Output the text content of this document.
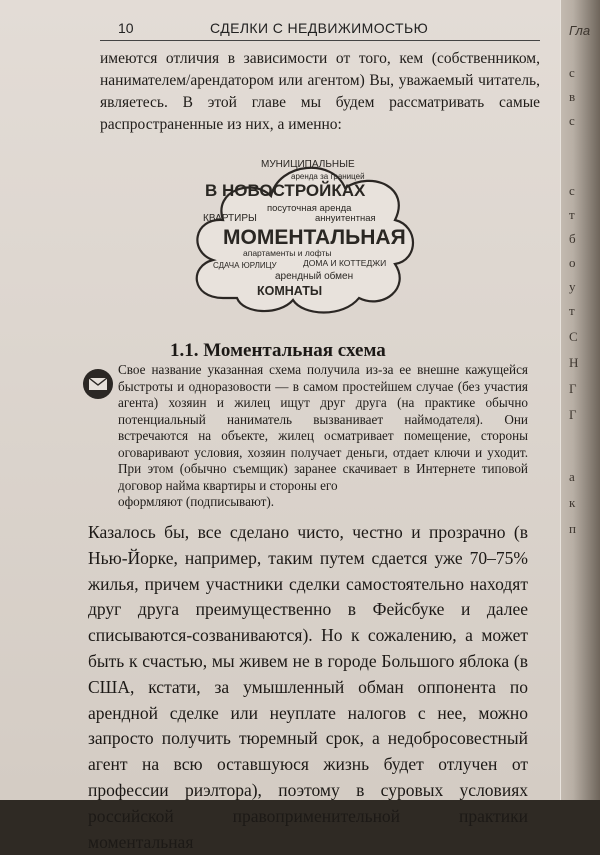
Гла
с
в
с
с
т
б
о
у
т
С
Н
Г
Г
а
к
п
10	СДЕЛКИ С НЕДВИЖИМОСТЬЮ

имеются отличия в зависимости от того, кем (собственником, нанимателем/арендатором или агентом) Вы, уважаемый читатель, являетесь. В этой главе мы будем рассматривать самые распространенные из них, а именно:

МУНИЦИПАЛЬНЫЕ
аренда за границей
В НОВОСТРОЙКАХ
посуточная аренда
КВАРТИРЫ	аннуитентная
МОМЕНТАЛЬНАЯ
апартаменты и лофты
СДАЧА ЮРЛИЦУ	ДОМА И КОТТЕДЖИ
арендный обмен
КОМНАТЫ
1.1. Моментальная схема

Свое название указанная схема получила из-за ее внешне кажущейся быстроты и одноразовости — в самом простейшем случае (без участия агента) хозяин и жилец ищут друг друга (на практике обычно потенциальный наниматель вызванивает наймодателя). Они встречаются на объекте, жилец осматривает помещение, стороны оговаривают условия, хозяин получает деньги, отдает ключи и уходит. При этом (обычно съемщик) заранее скачивает в Интернете типовой договор найма квартиры и стороны его

оформляют (подписывают).

Казалось бы, все сделано чисто, честно и прозрачно (в Нью-Йорке, например, таким путем сдается уже 70–75% жилья, причем участники сделки самостоятельно находят друг друга преимущественно в Фейсбуке и далее списываются-созваниваются). Но к сожалению, а может быть к счастью, мы живем не в городе Большого яблока (в США, кстати, за умышленный обман оппонента по арендной сделке или неуплате налогов с нее, можно запросто получить тюремный срок, а недобросовестный агент на всю оставшуюся жизнь будет отлучен от профессии риэлтора), поэтому в суровых условиях российской правоприменительной практики моментальная
